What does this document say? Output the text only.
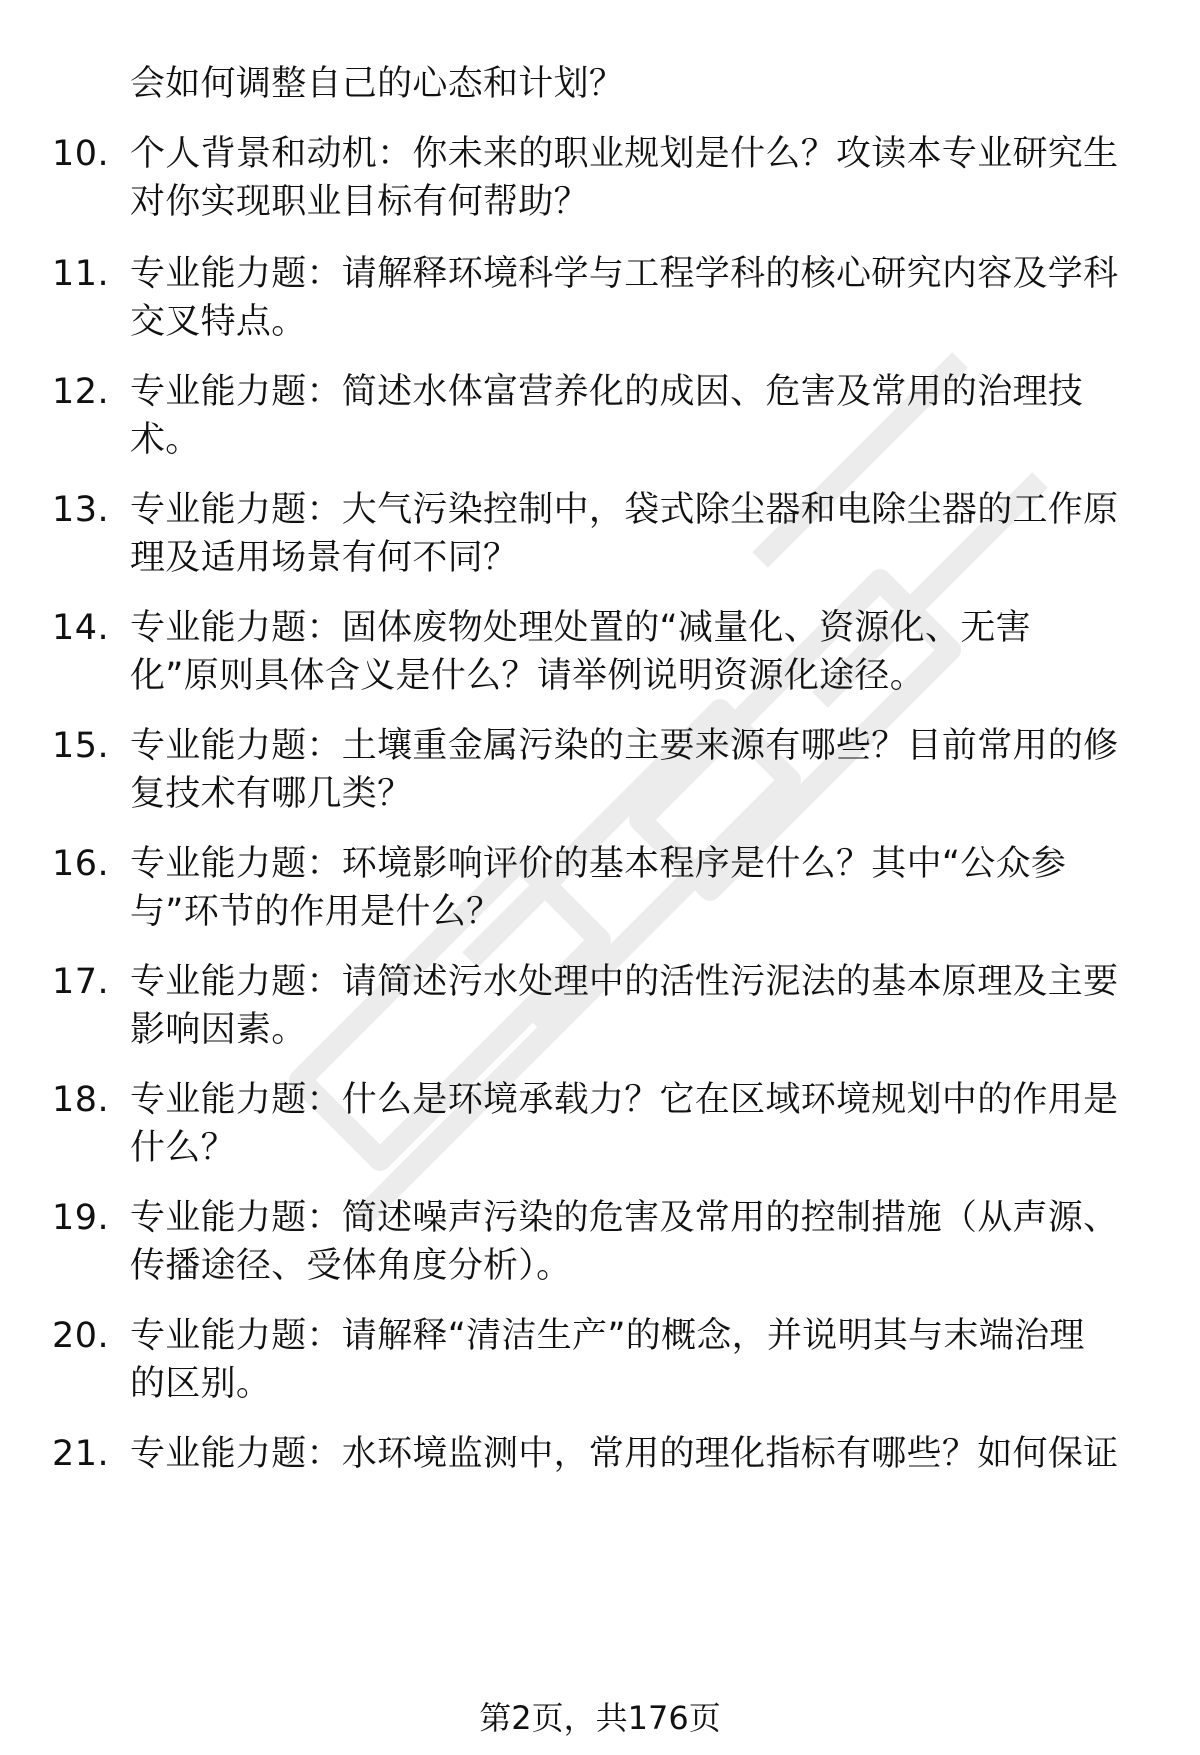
会如何调整自己的心态和计划？
10. 个人背景和动机：你未来的职业规划是什么？攻读本专业研究生
对你实现职业目标有何帮助？
11. 专业能力题：请解释环境科学与工程学科的核心研究内容及学科
交叉特点。
12. 专业能力题：简述水体富营养化的成因、危害及常用的治理技
术。
13. 专业能力题：大气污染控制中，袋式除尘器和电除尘器的工作原
理及适用场景有何不同？
14. 专业能力题：固体废物处理处置的“减量化、资源化、无害
化”原则具体含义是什么？请举例说明资源化途径。
15. 专业能力题：土壤重金属污染的主要来源有哪些？目前常用的修
复技术有哪几类？
16. 专业能力题：环境影响评价的基本程序是什么？其中“公众参
与”环节的作用是什么？
17. 专业能力题：请简述污水处理中的活性污泥法的基本原理及主要
影响因素。
18. 专业能力题：什么是环境承载力？它在区域环境规划中的作用是
什么？
19. 专业能力题：简述噪声污染的危害及常用的控制措施（从声源、
传播途径、受体角度分析）。
20. 专业能力题：请解释“清洁生产”的概念，并说明其与末端治理
的区别。
21. 专业能力题：水环境监测中，常用的理化指标有哪些？如何保证
第2页，共176页
